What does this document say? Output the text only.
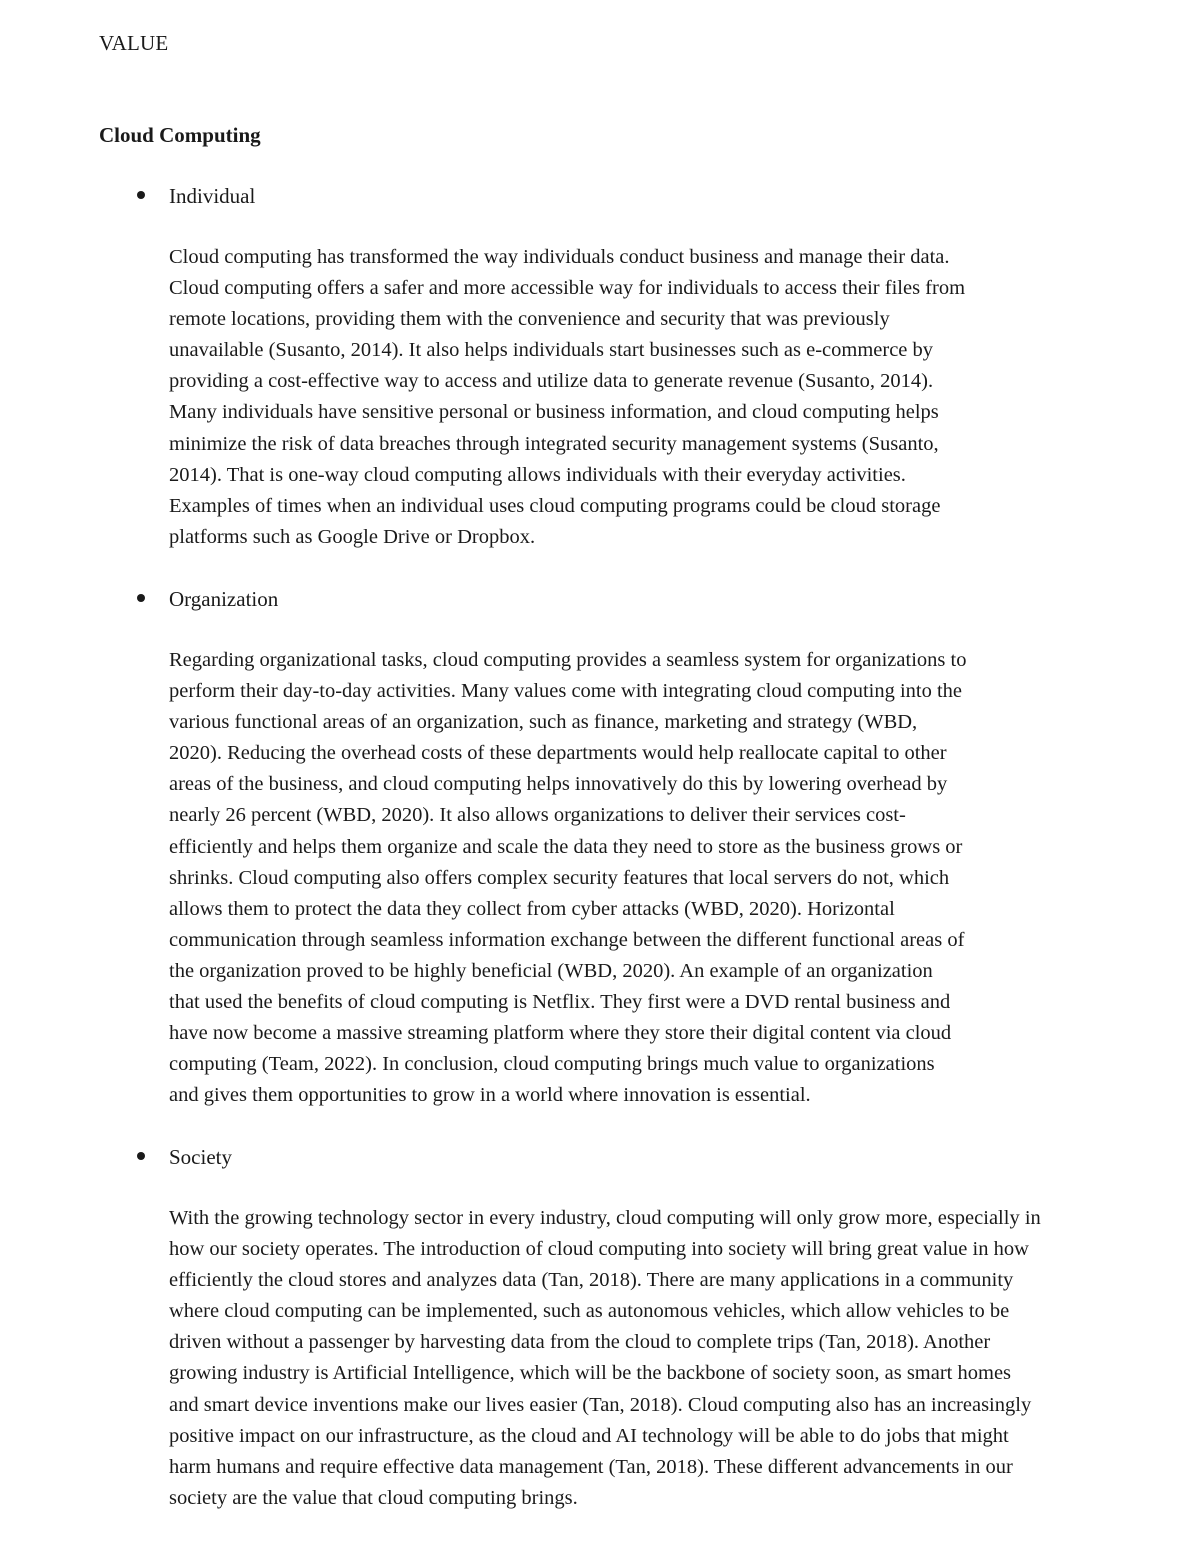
VALUE
Cloud Computing
Individual

Cloud computing has transformed the way individuals conduct business and manage their data.
Cloud computing offers a safer and more accessible way for individuals to access their files from
remote locations, providing them with the convenience and security that was previously
unavailable (Susanto, 2014). It also helps individuals start businesses such as e-commerce by
providing a cost-effective way to access and utilize data to generate revenue (Susanto, 2014).
Many individuals have sensitive personal or business information, and cloud computing helps
minimize the risk of data breaches through integrated security management systems (Susanto,
2014). That is one-way cloud computing allows individuals with their everyday activities.
Examples of times when an individual uses cloud computing programs could be cloud storage
platforms such as Google Drive or Dropbox.

Organization

Regarding organizational tasks, cloud computing provides a seamless system for organizations to
perform their day-to-day activities. Many values come with integrating cloud computing into the
various functional areas of an organization, such as finance, marketing and strategy (WBD,
2020). Reducing the overhead costs of these departments would help reallocate capital to other
areas of the business, and cloud computing helps innovatively do this by lowering overhead by
nearly 26 percent (WBD, 2020). It also allows organizations to deliver their services cost-
efficiently and helps them organize and scale the data they need to store as the business grows or
shrinks. Cloud computing also offers complex security features that local servers do not, which
allows them to protect the data they collect from cyber attacks (WBD, 2020). Horizontal
communication through seamless information exchange between the different functional areas of
the organization proved to be highly beneficial (WBD, 2020). An example of an organization
that used the benefits of cloud computing is Netflix. They first were a DVD rental business and
have now become a massive streaming platform where they store their digital content via cloud
computing (Team, 2022). In conclusion, cloud computing brings much value to organizations
and gives them opportunities to grow in a world where innovation is essential.

Society

With the growing technology sector in every industry, cloud computing will only grow more, especially in
how our society operates. The introduction of cloud computing into society will bring great value in how
efficiently the cloud stores and analyzes data (Tan, 2018). There are many applications in a community
where cloud computing can be implemented, such as autonomous vehicles, which allow vehicles to be
driven without a passenger by harvesting data from the cloud to complete trips (Tan, 2018). Another
growing industry is Artificial Intelligence, which will be the backbone of society soon, as smart homes
and smart device inventions make our lives easier (Tan, 2018). Cloud computing also has an increasingly
positive impact on our infrastructure, as the cloud and AI technology will be able to do jobs that might
harm humans and require effective data management (Tan, 2018). These different advancements in our
society are the value that cloud computing brings.
